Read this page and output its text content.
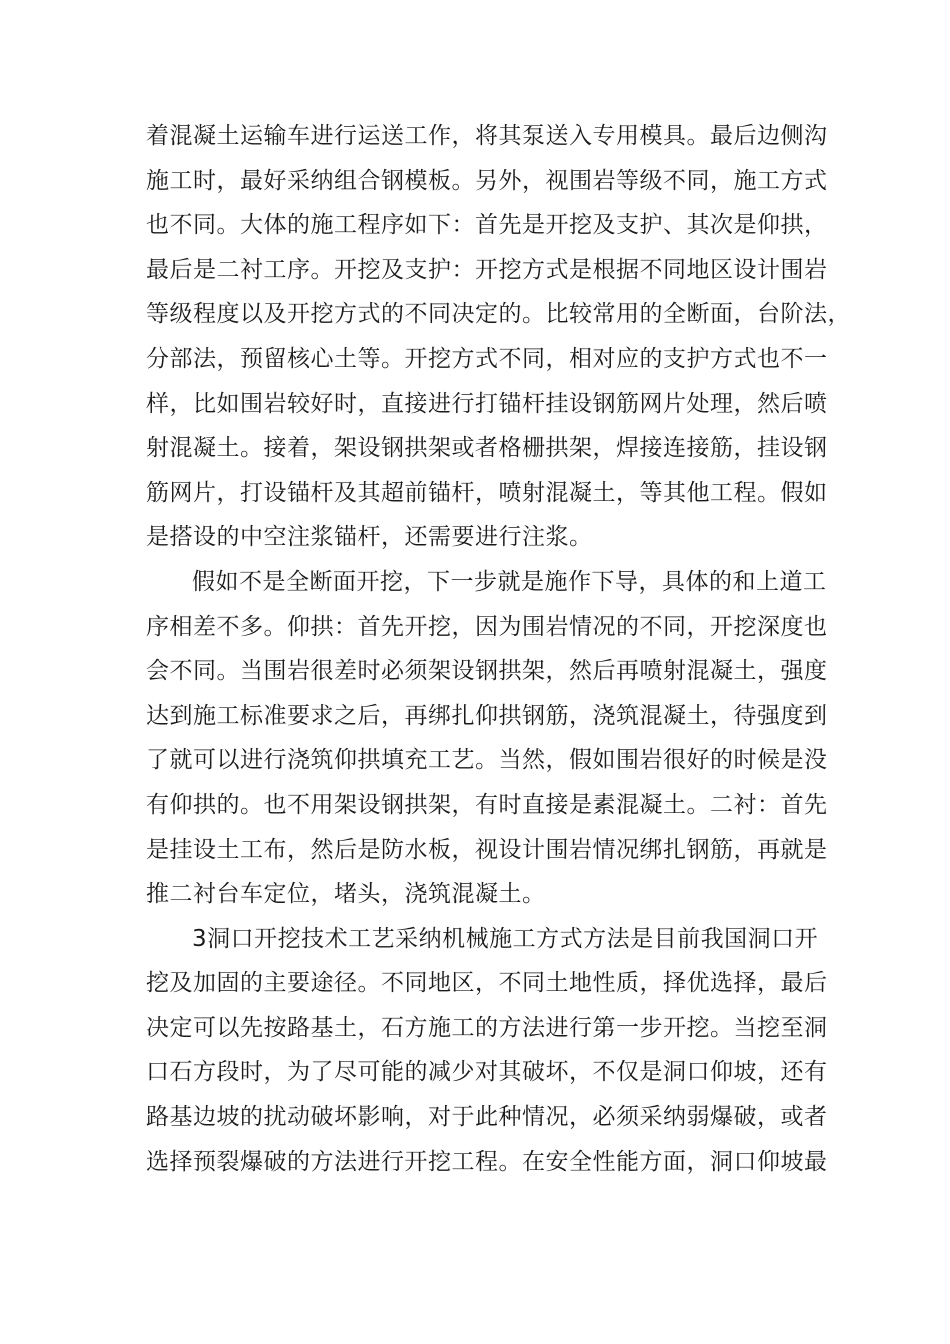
着混凝土运输车进行运送工作，将其泵送入专用模具。最后边侧沟
施工时，最好采纳组合钢模板。另外，视围岩等级不同，施工方式
也不同。大体的施工程序如下：首先是开挖及支护、其次是仰拱，
最后是二衬工序。开挖及支护：开挖方式是根据不同地区设计围岩
等级程度以及开挖方式的不同决定的。比较常用的全断面，台阶法，
分部法，预留核心土等。开挖方式不同，相对应的支护方式也不一
样，比如围岩较好时，直接进行打锚杆挂设钢筋网片处理，然后喷
射混凝土。接着，架设钢拱架或者格栅拱架，焊接连接筋，挂设钢
筋网片，打设锚杆及其超前锚杆，喷射混凝土，等其他工程。假如
是搭设的中空注浆锚杆，还需要进行注浆。
假如不是全断面开挖，下一步就是施作下导，具体的和上道工
序相差不多。仰拱：首先开挖，因为围岩情况的不同，开挖深度也
会不同。当围岩很差时必须架设钢拱架，然后再喷射混凝土，强度
达到施工标准要求之后，再绑扎仰拱钢筋，浇筑混凝土，待强度到
了就可以进行浇筑仰拱填充工艺。当然，假如围岩很好的时候是没
有仰拱的。也不用架设钢拱架，有时直接是素混凝土。二衬：首先
是挂设土工布，然后是防水板，视设计围岩情况绑扎钢筋，再就是
推二衬台车定位，堵头，浇筑混凝土。
3洞口开挖技术工艺采纳机械施工方式方法是目前我国洞口开
挖及加固的主要途径。不同地区，不同土地性质，择优选择，最后
决定可以先按路基土，石方施工的方法进行第一步开挖。当挖至洞
口石方段时，为了尽可能的减少对其破坏，不仅是洞口仰坡，还有
路基边坡的扰动破坏影响，对于此种情况，必须采纳弱爆破，或者
选择预裂爆破的方法进行开挖工程。在安全性能方面，洞口仰坡最
